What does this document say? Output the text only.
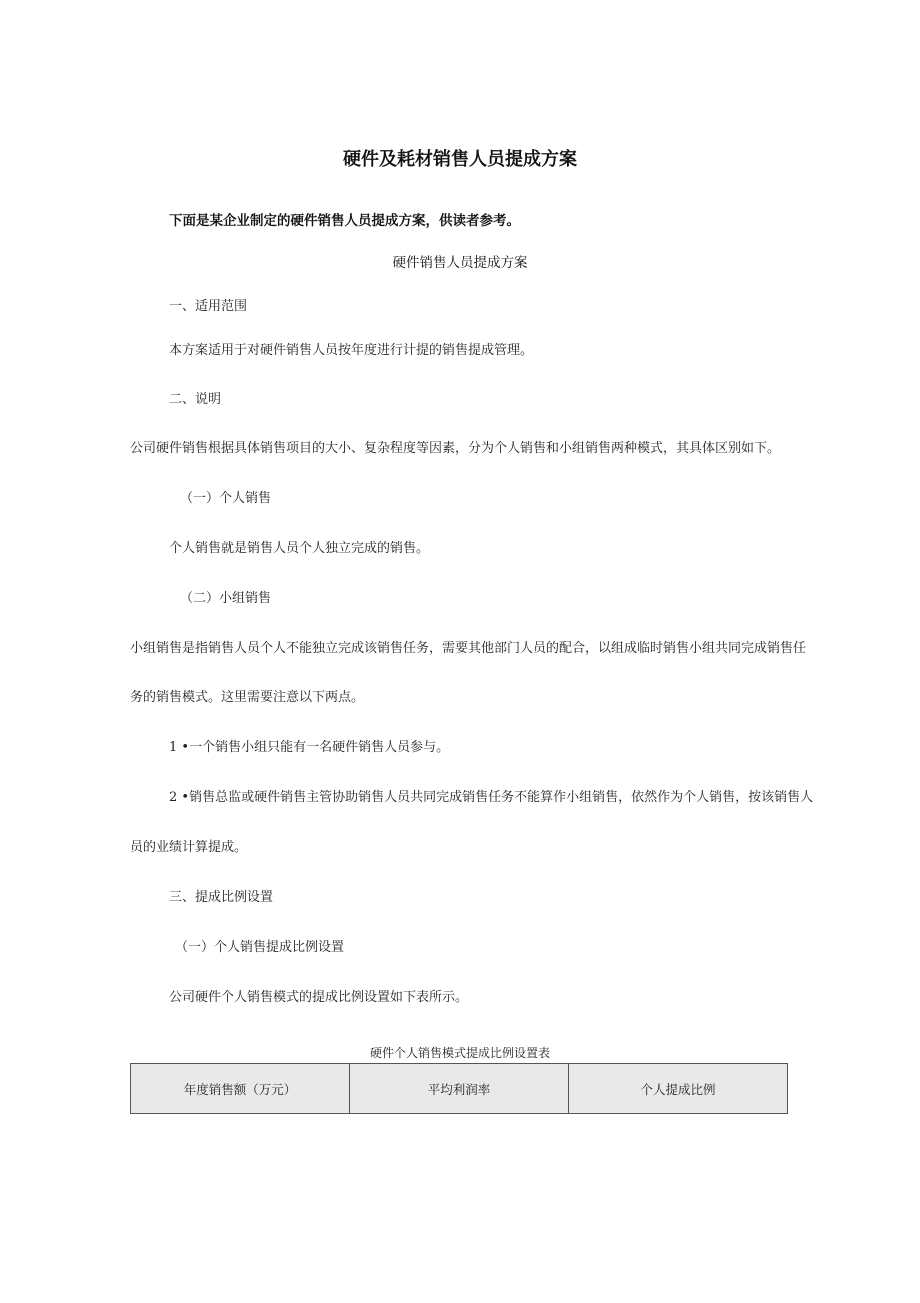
硬件及耗材销售人员提成方案
下面是某企业制定的硬件销售人员提成方案，供读者参考。
硬件销售人员提成方案
一、适用范围
本方案适用于对硬件销售人员按年度进行计提的销售提成管理。
二、说明
公司硬件销售根据具体销售项目的大小、复杂程度等因素，分为个人销售和小组销售两种模式，其具体区别如下。
（一）个人销售
个人销售就是销售人员个人独立完成的销售。
（二）小组销售
小组销售是指销售人员个人不能独立完成该销售任务，需要其他部门人员的配合，以组成临时销售小组共同完成销售任
务的销售模式。这里需要注意以下两点。
1 •一个销售小组只能有一名硬件销售人员参与。
2 •销售总监或硬件销售主管协助销售人员共同完成销售任务不能算作小组销售，依然作为个人销售，按该销售人
员的业绩计算提成。
三、提成比例设置
（一）个人销售提成比例设置
公司硬件个人销售模式的提成比例设置如下表所示。
硬件个人销售模式提成比例设置表
年度销售额（万元）	平均利润率	个人提成比例
